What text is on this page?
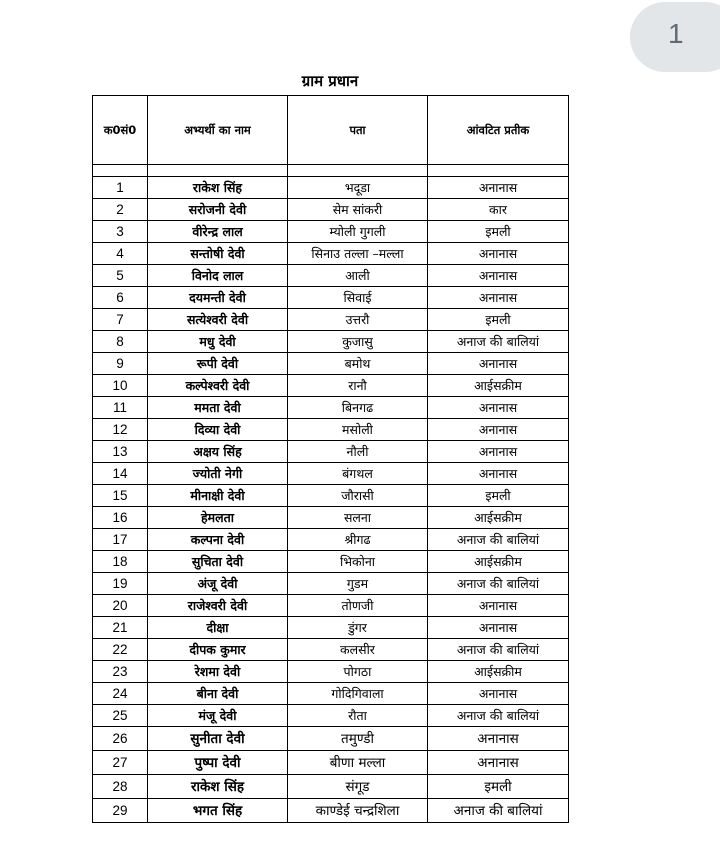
1
ग्राम प्रधान
क0सं0	अभ्यर्थी का नाम	पता	आंवटित प्रतीक

1	राकेश सिंह	भदूडा	अनानास
2	सरोजनी देवी	सेम सांकरी	कार
3	वीरेन्द्र लाल	म्योली गुगली	इमली
4	सन्तोषी देवी	सिनाउ तल्ला –मल्ला	अनानास
5	विनोद लाल	आली	अनानास
6	दयमन्ती देवी	सिवाई	अनानास
7	सत्येश्वरी देवी	उत्तरौ	इमली
8	मधु देवी	कुजासु	अनाज की बालियां
9	रूपी देवी	बमोथ	अनानास
10	कल्पेश्वरी देवी	रानौ	आईसक्रीम
11	ममता देवी	बिनगढ	अनानास
12	दिव्या देवी	मसोली	अनानास
13	अक्षय सिंह	नौली	अनानास
14	ज्योती नेगी	बंगथल	अनानास
15	मीनाक्षी देवी	जौरासी	इमली
16	हेमलता	सलना	आईसक्रीम
17	कल्पना देवी	श्रीगढ	अनाज की बालियां
18	सुचिता देवी	भिकोना	आईसक्रीम
19	अंजू देवी	गुडम	अनाज की बालियां
20	राजेश्वरी देवी	तोणजी	अनानास
21	दीक्षा	डुंगर	अनानास
22	दीपक कुमार	कलसीर	अनाज की बालियां
23	रेशमा देवी	पोगठा	आईसक्रीम
24	बीना देवी	गोदिगिवाला	अनानास
25	मंजू देवी	रौता	अनाज की बालियां
26	सुनीता देवी	तमुण्डी	अनानास
27	पुष्पा देवी	बीणा मल्ला	अनानास
28	राकेश सिंह	संगूड	इमली
29	भगत सिंह	काण्डेई चन्द्रशिला	अनाज की बालियां
